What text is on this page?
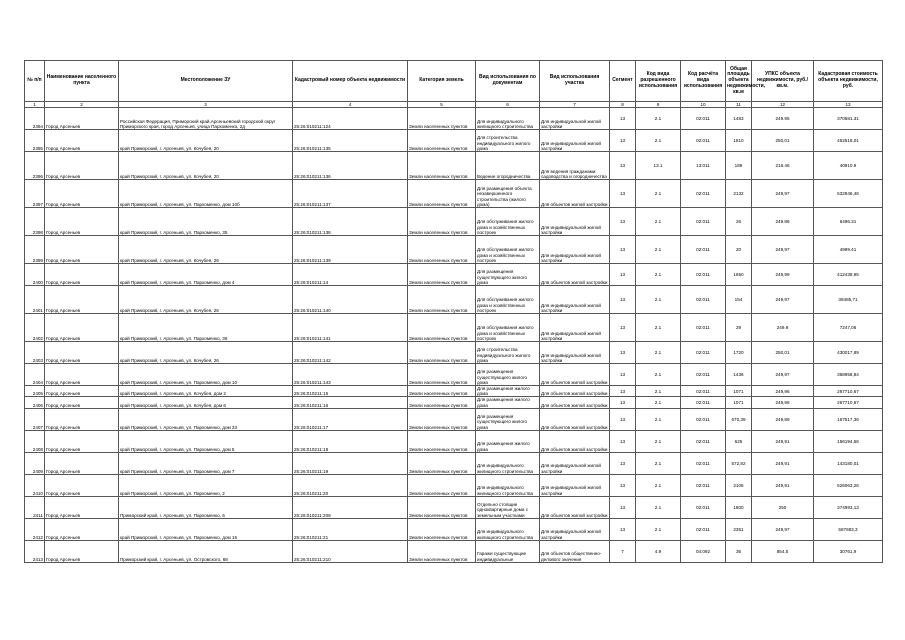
№ п/п	Наименование населенного пункта	Местоположение ЗУ	Кадастровый номер объекта недвижимости	Категория земель	Вид использования по документам	Вид использования участка	Сегмент	Код вида разрешенного использования	Код расчёта вида использования	Общая площадь объекта недвижимости, кв.м	УПКС объекта недвижимости, руб./кв.м.	Кадастровая стоимость объекта недвижимости, руб.
1	2	3	4	5	6	7	8	9	10	11	12	13
2394	Город Арсеньев	Российская Федерация, Приморский край,Арсеньевский городской округ Приморского края, город Арсеньев, улица Пархоменко, 2д	25:26:010211:124	Земли населенных пунктов	Для индивидуального жилищного строительства	Для индивидуальной жилой застройки	13	2.1	02:011	1483	249.95	370681.31
2395	Город Арсеньев	край Приморский, г. Арсеньев, ул. Кочубея, 20	25:26:010211:135	Земли населенных пунктов	Для строительства индивидуального жилого дома	Для индивидуальной жилой застройки	13	2.1	02:011	1810	250,01	452518,01
2396	Город Арсеньев	край Приморский, г. Арсеньев, ул. Кочубея, 20	25:26:010211:136	Земли населенных пунктов	Ведение огородничества	Для ведения гражданами садоводства и огородничества	13	13.1	13:011	189	216.46	40910.9
2397	Город Арсеньев	край Приморский, г. Арсеньев, ул. Пархоменко, дом 10б	25:26:010211:137	Земли населенных пунктов	Для размещения объекта незавершенного строительства (жилого дома)	Для объектов жилой застройки	13	2.1	02:011	2132	249,97	532946,46
2398	Город Арсеньев	край Приморский, г. Арсеньев, ул. Пархоменко, 35	25:26:010211:138	Земли населенных пунктов	Для обслуживания жилого дома и хозяйственных построек	Для индивидуальной жилой застройки	13	2.1	02:011	26	249.86	6496.31
2399	Город Арсеньев	край Приморский, г. Арсеньев, ул. Кочубея, 26	25:26:010211:139	Земли населенных пунктов	Для обслуживания жилого дома и хозяйственных построек	Для индивидуальной жилой застройки	13	2.1	02:011	20	249,97	4999.41
2400	Город Арсеньев	край Приморский, г. Арсеньев, ул. Пархоменко, дом 4	25:26:010211:14	Земли населенных пунктов	Для размещения существующего жилого дома	Для объектов жилой застройки	13	2.1	02:011	1650	249,99	412438,95
2401	Город Арсеньев	край Приморский, г. Арсеньев, ул. Кочубея, 26	25:26:010211:140	Земли населенных пунктов	Для обслуживания жилого дома и хозяйственных построек	Для индивидуальной жилой застройки	13	2.1	02:011	154	249,97	38485,71
2402	Город Арсеньев	край Приморский, г. Арсеньев, ул. Пархоменко, 36	25:26:010211:141	Земли населенных пунктов	Для обслуживания жилого дома и хозяйственных построек	Для индивидуальной жилой застройки	13	2.1	02:011	29	249.9	7247,06
2403	Город Арсеньев	край Приморский, г. Арсеньев, ул. Кочубея, 26	25:26:010211:142	Земли населенных пунктов	Для строительства индивидуального жилого дома	Для индивидуальной жилой застройки	13	2.1	02:011	1720	250,01	430017,89
2404	Город Арсеньев	край Приморский, г. Арсеньев, ул. Пархоменко, дом 10	25:26:010211:143	Земли населенных пунктов	Для размещения существующего жилого дома	Для объектов жилой застройки	13	2.1	02:011	1436	249,97	358958,84
2405	Город Арсеньев	край Приморский, г. Арсеньев, ул. Кочубея, дом 2	25:26:010211:15	Земли населенных пунктов	Для размещения жилого дома	Для объектов жилой застройки	13	2.1	02:011	1071	249,96	267710,67
2406	Город Арсеньев	край Приморский, г. Арсеньев, ул. Кочубея, дом 6	25:26:010211:16	Земли населенных пунктов	Для размещения жилого дома	Для объектов жилой застройки	13	2.1	02:011	1071	249,96	267710,67
2407	Город Арсеньев	край Приморский, г. Арсеньев, ул. Пархоменко, дом 33	25:26:010211:17	Земли населенных пунктов	Для размещения существующего жилого дома	Для объектов жилой застройки	13	2.1	02:011	670,39	249,89	167517,36
2408	Город Арсеньев	край Приморский, г. Арсеньев, ул. Пархоменко, дом 5	25:26:010211:18	Земли населенных пунктов	Для размещения жилого дома	Для объектов жилой застройки	13	2.1	02:011	625	249,91	156194,56
2409	Город Арсеньев	край Приморский, г. Арсеньев, ул. Пархоменко, дом 7	25:26:010211:19	Земли населенных пунктов	Для индивидуального жилищного строительства	Для индивидуальной жилой застройки	13	2.1	02:011	572,82	249,91	143180,01
2410	Город Арсеньев	край Приморский, г. Арсеньев, ул. Пархоменко, 2	25:26:010211:20	Земли населенных пунктов	Для индивидуального жилищного строительства	Для индивидуальной жилой застройки	13	2.1	02:011	2105	249,91	526063,26
2411	Город Арсеньев	Приморский край, г. Арсеньев, ул. Пархоменко, 6	25:26:010211:209	Земли населенных пунктов	Отдельно стоящие одноквартирные дома с земельным участками	Для объектов жилой застройки	13	2.1	02:011	1800	250	374993,13
2412	Город Арсеньев	край Приморский, г. Арсеньев, ул. Пархоменко, дом 16	25:26:010211:21	Земли населенных пунктов	Для индивидуального жилищного строительства	Для индивидуальной жилой застройки	13	2.1	02:011	2351	249,97	587683,3
2413	Город Арсеньев	Приморский край, г. Арсеньев, ул. Островского, 68	25:26:010211:210	Земли населенных пунктов	Гаражи существующие индивидуальные	Для объектов общественно-делового значения	7	4.9	04:092	36	854,5	30761,9
